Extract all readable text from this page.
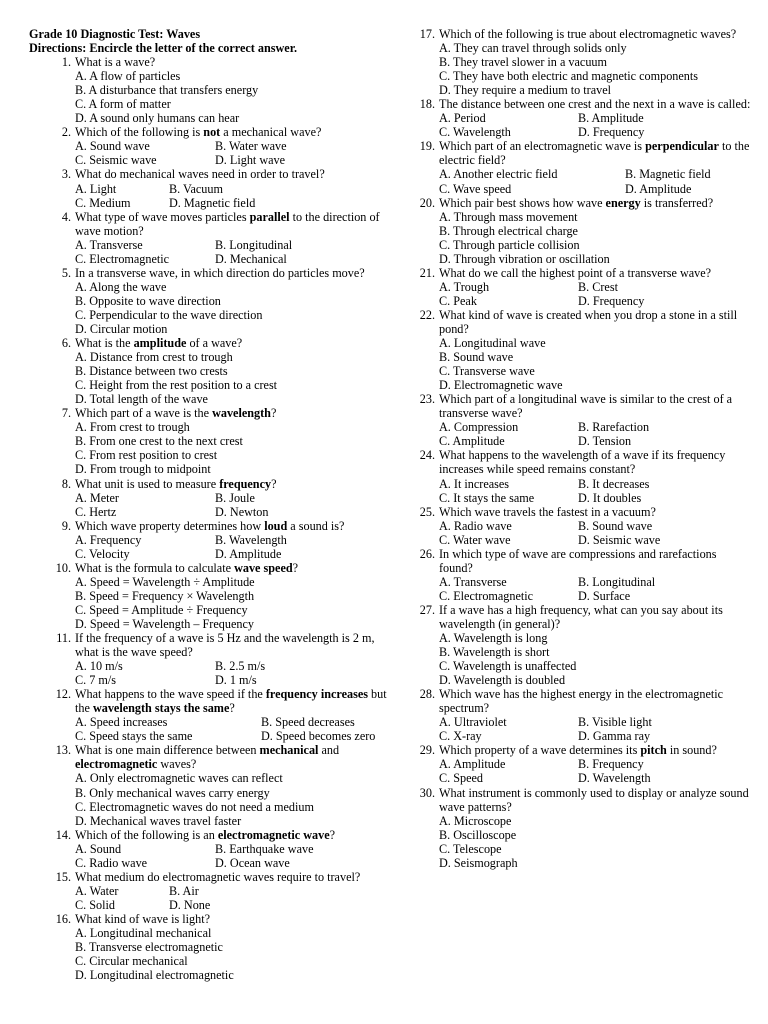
Grade 10 Diagnostic Test: Waves
Directions: Encircle the letter of the correct answer.
1. What is a wave?
A. A flow of particles
B. A disturbance that transfers energy
C. A form of matter
D. A sound only humans can hear
2. Which of the following is not a mechanical wave?
A. Sound wave	B. Water wave
C. Seismic wave	D. Light wave
3. What do mechanical waves need in order to travel?
A. Light	B. Vacuum
C. Medium	D. Magnetic field
4. What type of wave moves particles parallel to the direction of wave motion?
A. Transverse	B. Longitudinal
C. Electromagnetic	D. Mechanical
5. In a transverse wave, in which direction do particles move?
A. Along the wave
B. Opposite to wave direction
C. Perpendicular to the wave direction
D. Circular motion
6. What is the amplitude of a wave?
A. Distance from crest to trough
B. Distance between two crests
C. Height from the rest position to a crest
D. Total length of the wave
7. Which part of a wave is the wavelength?
A. From crest to trough
B. From one crest to the next crest
C. From rest position to crest
D. From trough to midpoint
8. What unit is used to measure frequency?
A. Meter	B. Joule
C. Hertz	D. Newton
9. Which wave property determines how loud a sound is?
A. Frequency	B. Wavelength
C. Velocity	D. Amplitude
10. What is the formula to calculate wave speed?
A. Speed = Wavelength ÷ Amplitude
B. Speed = Frequency × Wavelength
C. Speed = Amplitude ÷ Frequency
D. Speed = Wavelength – Frequency
11. If the frequency of a wave is 5 Hz and the wavelength is 2 m, what is the wave speed?
A. 10 m/s	B. 2.5 m/s
C. 7 m/s	D. 1 m/s
12. What happens to the wave speed if the frequency increases but the wavelength stays the same?
A. Speed increases	B. Speed decreases
C. Speed stays the same	D. Speed becomes zero
13. What is one main difference between mechanical and electromagnetic waves?
A. Only electromagnetic waves can reflect
B. Only mechanical waves carry energy
C. Electromagnetic waves do not need a medium
D. Mechanical waves travel faster
14. Which of the following is an electromagnetic wave?
A. Sound	B. Earthquake wave
C. Radio wave	D. Ocean wave
15. What medium do electromagnetic waves require to travel?
A. Water	B. Air
C. Solid	D. None
16. What kind of wave is light?
A. Longitudinal mechanical
B. Transverse electromagnetic
C. Circular mechanical
D. Longitudinal electromagnetic
17. Which of the following is true about electromagnetic waves?
A. They can travel through solids only
B. They travel slower in a vacuum
C. They have both electric and magnetic components
D. They require a medium to travel
18. The distance between one crest and the next in a wave is called:
A. Period	B. Amplitude
C. Wavelength	D. Frequency
19. Which part of an electromagnetic wave is perpendicular to the electric field?
A. Another electric field	B. Magnetic field
C. Wave speed	D. Amplitude
20. Which pair best shows how wave energy is transferred?
A. Through mass movement
B. Through electrical charge
C. Through particle collision
D. Through vibration or oscillation
21. What do we call the highest point of a transverse wave?
A. Trough	B. Crest
C. Peak	D. Frequency
22. What kind of wave is created when you drop a stone in a still pond?
A. Longitudinal wave
B. Sound wave
C. Transverse wave
D. Electromagnetic wave
23. Which part of a longitudinal wave is similar to the crest of a transverse wave?
A. Compression	B. Rarefaction
C. Amplitude	D. Tension
24. What happens to the wavelength of a wave if its frequency increases while speed remains constant?
A. It increases	B. It decreases
C. It stays the same	D. It doubles
25. Which wave travels the fastest in a vacuum?
A. Radio wave	B. Sound wave
C. Water wave	D. Seismic wave
26. In which type of wave are compressions and rarefactions found?
A. Transverse	B. Longitudinal
C. Electromagnetic	D. Surface
27. If a wave has a high frequency, what can you say about its wavelength (in general)?
A. Wavelength is long
B. Wavelength is short
C. Wavelength is unaffected
D. Wavelength is doubled
28. Which wave has the highest energy in the electromagnetic spectrum?
A. Ultraviolet	B. Visible light
C. X-ray	D. Gamma ray
29. Which property of a wave determines its pitch in sound?
A. Amplitude	B. Frequency
C. Speed	D. Wavelength
30. What instrument is commonly used to display or analyze sound wave patterns?
A. Microscope
B. Oscilloscope
C. Telescope
D. Seismograph
